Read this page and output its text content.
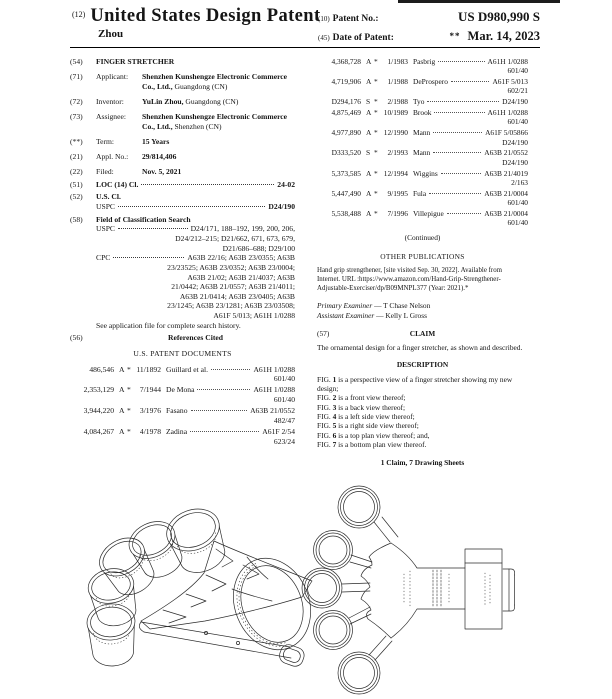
(12) United States Design Patent
Zhou
(10) Patent No.:	US D980,990 S
(45) Date of Patent:	** Mar. 14, 2023
(54)	FINGER STRETCHER
(71)	Applicant:	Shenzhen Kunshengze Electronic Commerce Co., Ltd., Guangdong (CN)
(72)	Inventor:	YuLin Zhou, Guangdong (CN)
(73)	Assignee:	Shenzhen Kunshengze Electronic Commerce Co., Ltd., Shenzhen (CN)
(**)	Term:	15 Years
(21)	Appl. No.:	29/814,406
(22)	Filed:	Nov. 5, 2021
(51)	LOC (14) Cl.	24-02
(52)	U.S. Cl.
USPC	D24/190
(58)	Field of Classification Search
USPC	D24/171, 188–192, 199, 200, 206,
D24/212–215; D21/662, 671, 673, 679,
D21/686–688; D29/100
CPC	A63B 22/16; A63B 23/0355; A63B
23/23525; A63B 23/0352; A63B 23/0004;
A63B 21/02; A63B 21/4037; A63B
21/0442; A63B 21/0557; A63B 21/4011;
A63B 21/0414; A63B 23/0405; A63B
23/1245; A63B 23/1281; A63B 23/03508;
A61F 5/013; A61H 1/0288
See application file for complete search history.
(56)	References Cited
U.S. PATENT DOCUMENTS
486,546 A * 11/1892 Guillard et al.	A61H 1/0288
601/40
2,353,129 A *	7/1944 De Mona	A61H 1/0288
601/40
3,944,220 A *	3/1976 Fasano	A63B 21/0552
482/47
4,084,267 A *	4/1978 Zadina	A61F 2/54
623/24
4,368,728 A *	1/1983 Pasbrig	A61H 1/0288
601/40
4,719,906 A *	1/1988 DeProspero	A61F 5/013
602/21
D294,176 S *	2/1988 Tyo	D24/190
4,875,469 A * 10/1989 Brook	A61H 1/0288
601/40
4,977,890 A * 12/1990 Mann	A61F 5/05866
D24/190
D333,520 S *	2/1993 Mann	A63B 21/0552
D24/190
5,373,585 A * 12/1994 Wiggins	A63B 21/4019
2/163
5,447,490 A *	9/1995 Fula	A63B 21/0004
601/40
5,538,488 A *	7/1996 Villepigue	A63B 21/0004
601/40
(Continued)
OTHER PUBLICATIONS
Hand grip strengthener, [site visited Sep. 30, 2022]. Available from
Internet. URL :https://www.amazon.com/Hand-Grip-Strengthener-
Adjustable-Exerciser/dp/B09MNPL377 (Year: 2021).*
Primary Examiner — T Chase Nelson
Assistant Examiner — Kelly L Gross
(57)	CLAIM
The ornamental design for a finger stretcher, as shown and described.
DESCRIPTION
FIG. 1 is a perspective view of a finger stretcher showing my new design;
FIG. 2 is a front view thereof;
FIG. 3 is a back view thereof;
FIG. 4 is a left side view thereof;
FIG. 5 is a right side view thereof;
FIG. 6 is a top plan view thereof; and,
FIG. 7 is a bottom plan view thereof.
1 Claim, 7 Drawing Sheets
